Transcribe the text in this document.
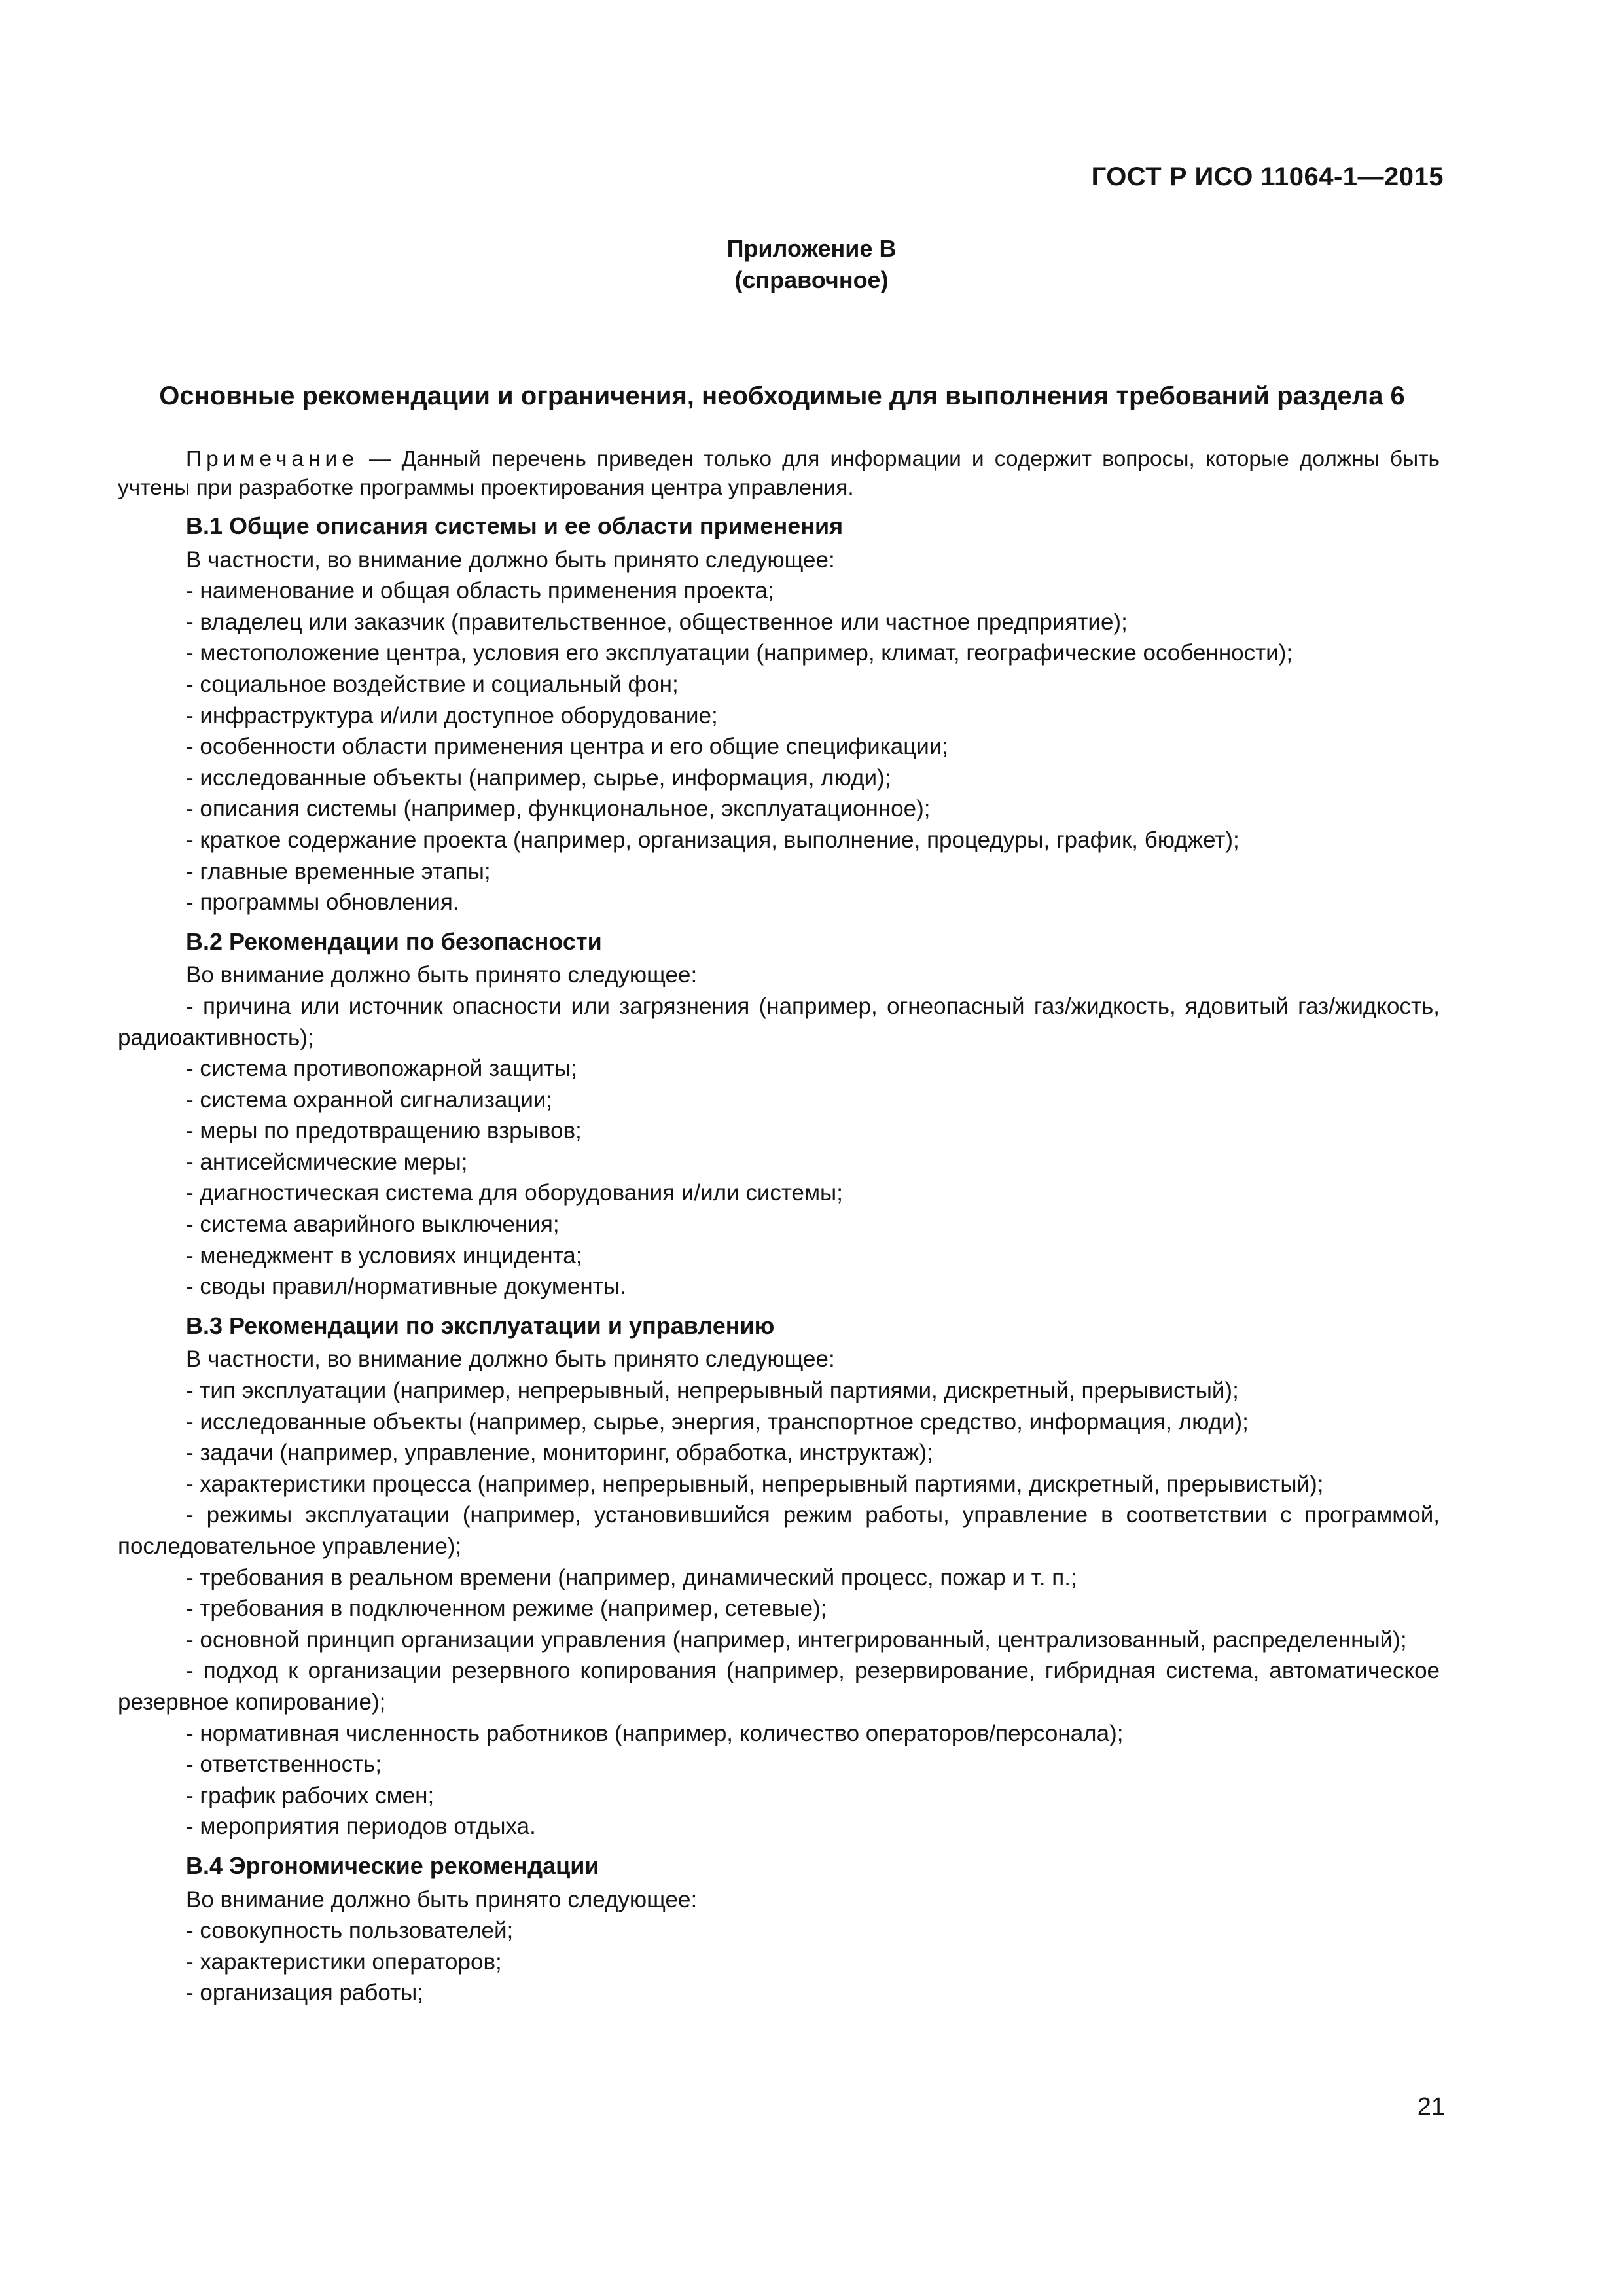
ГОСТ Р ИСО 11064-1—2015
Приложение В
(справочное)
Основные рекомендации и ограничения, необходимые для выполнения требований раздела 6

Примечание — Данный перечень приведен только для информации и содержит вопросы, которые должны быть учтены при разработке программы проектирования центра управления.

В.1 Общие описания системы и ее области применения

В частности, во внимание должно быть принято следующее:

- наименование и общая область применения проекта;

- владелец или заказчик (правительственное, общественное или частное предприятие);

- местоположение центра, условия его эксплуатации (например, климат, географические особенности);

- социальное воздействие и социальный фон;

- инфраструктура и/или доступное оборудование;

- особенности области применения центра и его общие спецификации;

- исследованные объекты (например, сырье, информация, люди);

- описания системы (например, функциональное, эксплуатационное);

- краткое содержание проекта (например, организация, выполнение, процедуры, график, бюджет);

- главные временные этапы;

- программы обновления.

В.2 Рекомендации по безопасности

Во внимание должно быть принято следующее:

- причина или источник опасности или загрязнения (например, огнеопасный газ/жидкость, ядовитый газ/жидкость, радиоактивность);

- система противопожарной защиты;

- система охранной сигнализации;

- меры по предотвращению взрывов;

- антисейсмические меры;

- диагностическая система для оборудования и/или системы;

- система аварийного выключения;

- менеджмент в условиях инцидента;

- своды правил/нормативные документы.

В.3 Рекомендации по эксплуатации и управлению

В частности, во внимание должно быть принято следующее:

- тип эксплуатации (например, непрерывный, непрерывный партиями, дискретный, прерывистый);

- исследованные объекты (например, сырье, энергия, транспортное средство, информация, люди);

- задачи (например, управление, мониторинг, обработка, инструктаж);

- характеристики процесса (например, непрерывный, непрерывный партиями, дискретный, прерывистый);

- режимы эксплуатации (например, установившийся режим работы, управление в соответствии с программой, последовательное управление);

- требования в реальном времени (например, динамический процесс, пожар и т. п.;

- требования в подключенном режиме (например, сетевые);

- основной принцип организации управления (например, интегрированный, централизованный, распределенный);

- подход к организации резервного копирования (например, резервирование, гибридная система, автоматическое резервное копирование);

- нормативная численность работников (например, количество операторов/персонала);

- ответственность;

- график рабочих смен;

- мероприятия периодов отдыха.

В.4 Эргономические рекомендации

Во внимание должно быть принято следующее:

- совокупность пользователей;

- характеристики операторов;

- организация работы;

21
